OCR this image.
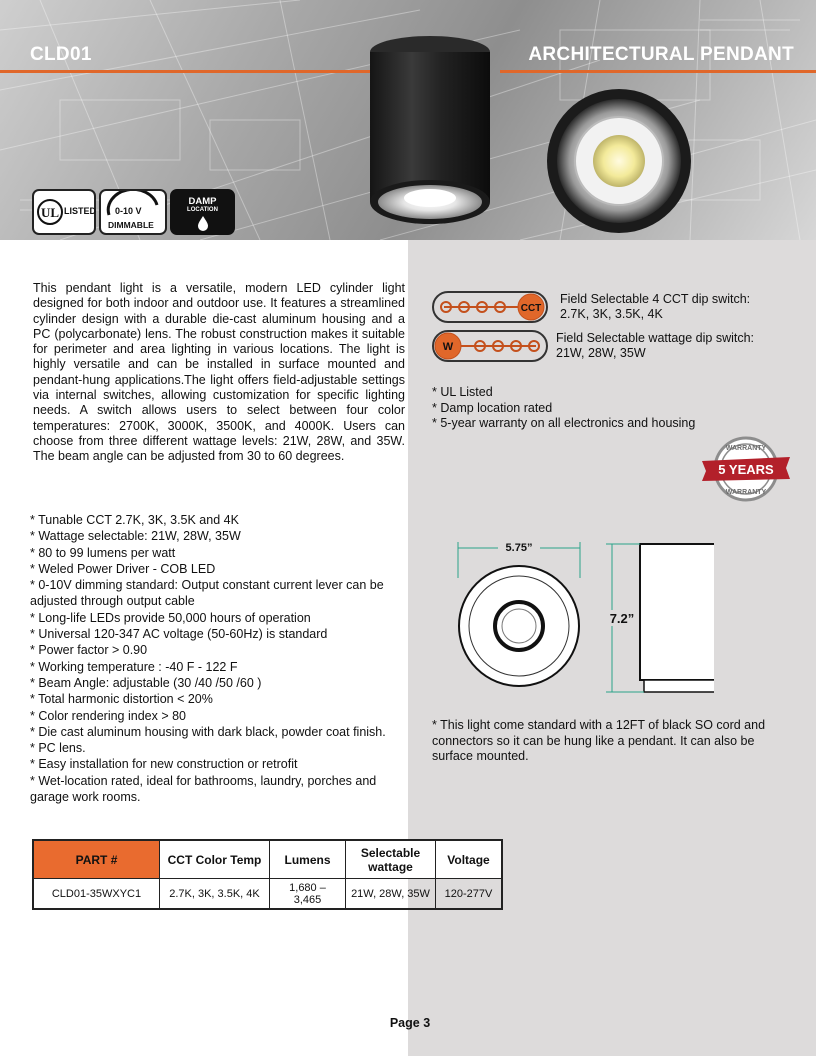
CLD01	ARCHITECTURAL PENDANT
UL LISTED 0-10 V
DIMMABLE
DAMP
LOCATION

This pendant light is a versatile, modern LED cylinder light designed for both indoor and outdoor use. It features a streamlined cylinder design with a durable die-cast aluminum housing and a PC (polycarbonate) lens. The robust construction makes it suitable for perimeter and area lighting in various locations. The light is highly versatile and can be installed in surface mounted and pendant-hung applications.The light offers field-adjustable settings via internal switches, allowing customization for specific lighting needs. A switch allows users to select between four color temperatures: 2700K, 3000K, 3500K, and 4000K. Users can choose from three different wattage levels: 21W, 28W, and 35W. The beam angle can be adjusted from 30 to 60 degrees.

* Tunable CCT 2.7K, 3K, 3.5K and 4K
* Wattage selectable: 21W, 28W, 35W
* 80 to 99 lumens per watt
* Weled Power Driver - COB LED
* 0-10V dimming standard: Output constant current lever can be adjusted through output cable
* Long-life LEDs provide 50,000 hours of operation
* Universal 120-347 AC voltage (50-60Hz) is standard
* Power factor > 0.90
* Working temperature : -40 F - 122 F
* Beam Angle: adjustable (30 /40 /50 /60 )
* Total harmonic distortion < 20%
* Color rendering index > 80
* Die cast aluminum housing with dark black, powder coat finish.
* PC lens.
* Easy installation for new construction or retrofit
* Wet-location rated, ideal for bathrooms, laundry, porches and garage work rooms.
CCT
Field Selectable 4 CCT dip switch:
2.7K, 3K, 3.5K, 4K
W
Field Selectable wattage dip switch:
21W, 28W, 35W
* UL Listed
* Damp location rated
* 5-year warranty on all electronics and housing
WARRANTY
5 YEARS
WARRANTY
5.75”
7.2”

* This light come standard with a 12FT of black SO cord and connectors so it can be hung like a pendant. It can also be surface mounted.

PART #	CCT Color Temp	Lumens	Selectable wattage	Voltage
CLD01-35WXYC1	2.7K, 3K, 3.5K, 4K	1,680 – 3,465	21W, 28W, 35W	120-277V
Page 3
